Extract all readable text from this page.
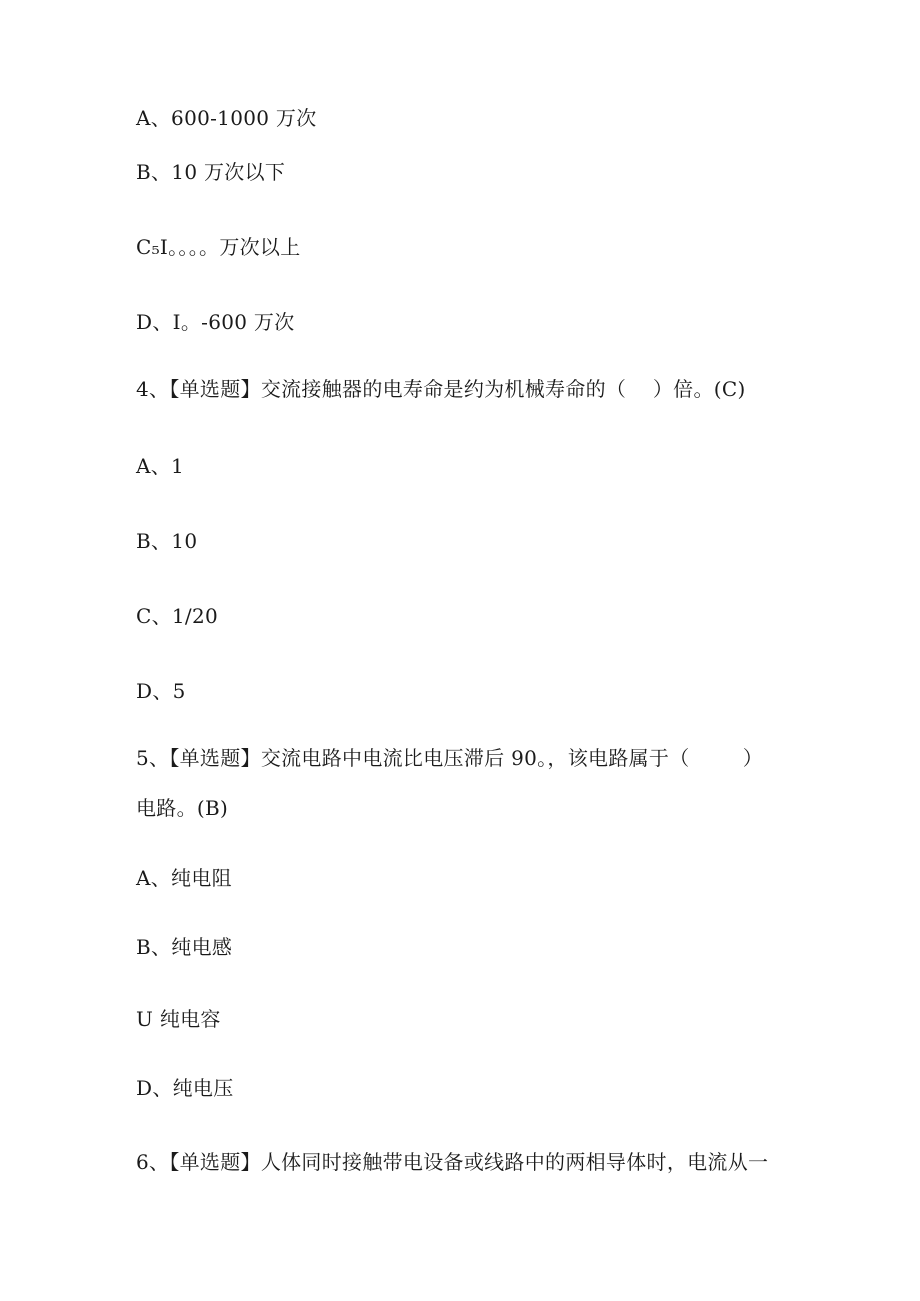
A、600-1000 万次
B、10 万次以下
C₅I。。。。万次以上
D、I。-600 万次
4、【单选题】交流接触器的电寿命是约为机械寿命的（    ）倍。(C)
A、1
B、10
C、1/20
D、5
5、【单选题】交流电路中电流比电压滞后 90。，该电路属于（        ）
电路。(B)
A、纯电阻
B、纯电感
U 纯电容
D、纯电压
6、【单选题】人体同时接触带电设备或线路中的两相导体时，电流从一
